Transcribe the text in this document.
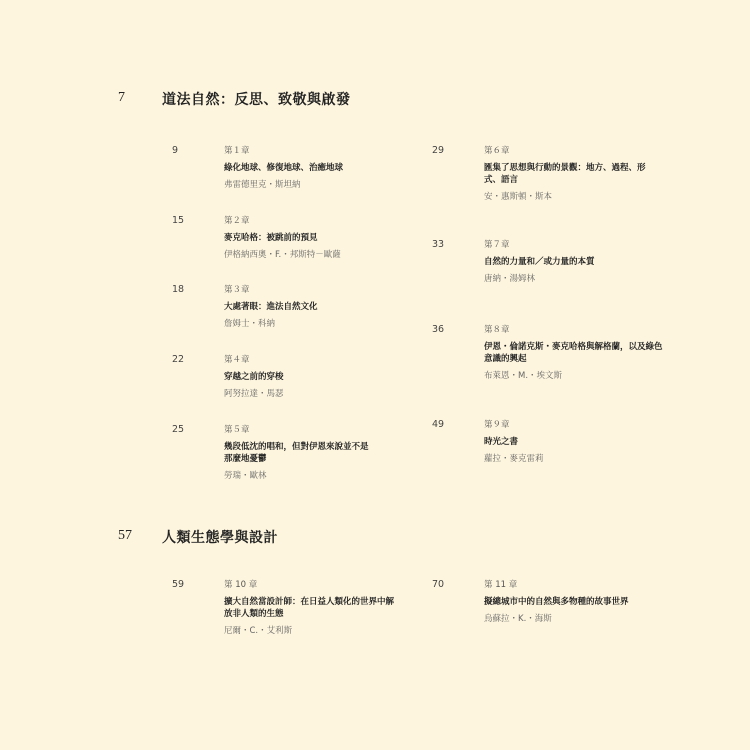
7	道法自然：反思、致敬與啟發
9	第１章
綠化地球、修復地球、治癒地球
弗雷德里克・斯坦納
15	第２章
麥克哈格：被跳前的預見
伊格納西奧・F.・邦斯特－歐薩
18	第３章
大處著眼：進法自然文化
詹姆士・科納
22	第４章
穿越之前的穿梭
阿努拉達・馬瑟
25	第５章
幾段低沈的唱和，但對伊恩來說並不是那麼地憂鬱
勞瑞・歐林
29	第６章
匯集了思想與行動的景觀：地方、過程、形式、語言
安・惠斯頓・斯本
33	第７章
自然的力量和／或力量的本質
唐納・湯姆林
36	第８章
伊恩・倫諾克斯・麥克哈格與解格蘭，以及綠色意識的興起
布萊恩・M.・埃文斯
49	第９章
時光之書
蘿拉・麥克雷莉
57 人類生態學與設計
59	第 10 章
擴大自然當設計師：在日益人類化的世界中解放非人類的生態
尼爾・C.・艾利斯
70	第 11 章
擬總城市中的自然與多物種的故事世界
烏蘇拉・K.・海斯
